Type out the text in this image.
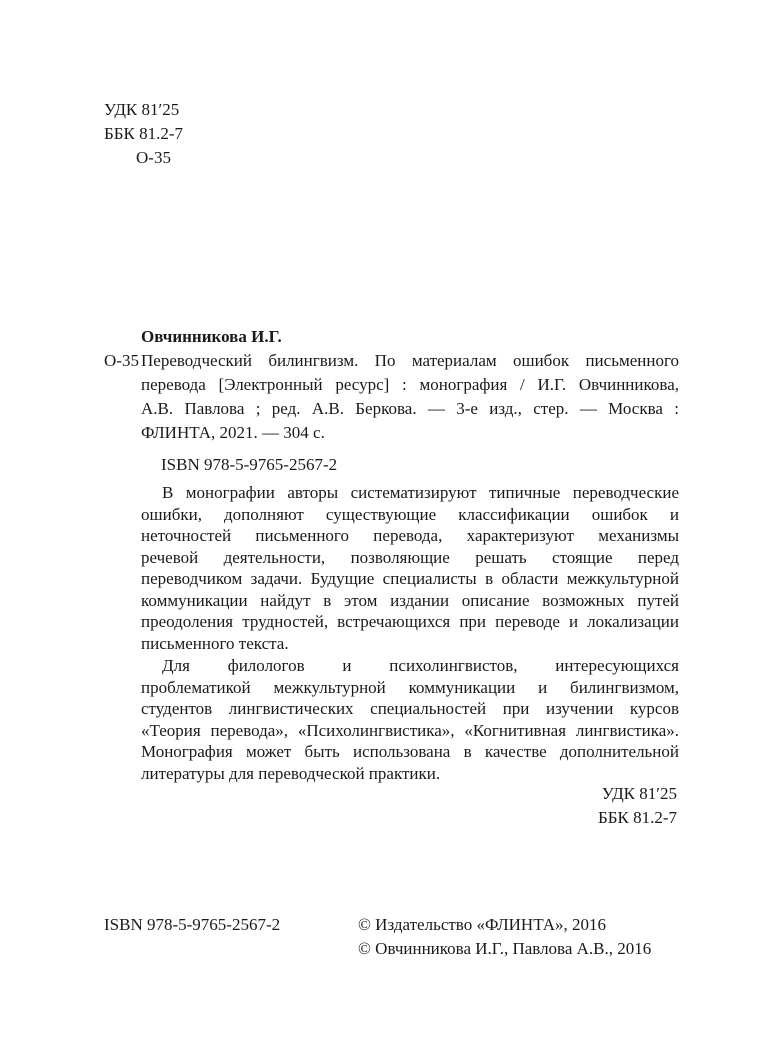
УДК 81′25
ББК 81.2-7
О-35
Овчинникова И.Г.
О-35 Переводческий билингвизм. По материалам ошибок письменного
перевода [Электронный ресурс] : монография / И.Г. Овчинникова,
А.В. Павлова ; ред. А.В. Беркова. — 3-е изд., стер. — Москва :
ФЛИНТА, 2021. — 304 с.
ISBN 978-5-9765-2567-2
В монографии авторы систематизируют типичные переводческие
ошибки, дополняют существующие классификации ошибок и
неточностей письменного перевода, характеризуют механизмы
речевой деятельности, позволяющие решать стоящие перед
переводчиком задачи. Будущие специалисты в области межкультурной
коммуникации найдут в этом издании описание возможных путей
преодоления трудностей, встречающихся при переводе и локализации
письменного текста.
Для филологов и психолингвистов, интересующихся
проблематикой межкультурной коммуникации и билингвизмом,
студентов лингвистических специальностей при изучении курсов
«Теория перевода», «Психолингвистика», «Когнитивная лингвистика».
Монография может быть использована в качестве дополнительной
литературы для переводческой практики.
УДК 81′25
ББК 81.2-7
ISBN 978-5-9765-2567-2	© Издательство «ФЛИНТА», 2016
© Овчинникова И.Г., Павлова А.В., 2016
